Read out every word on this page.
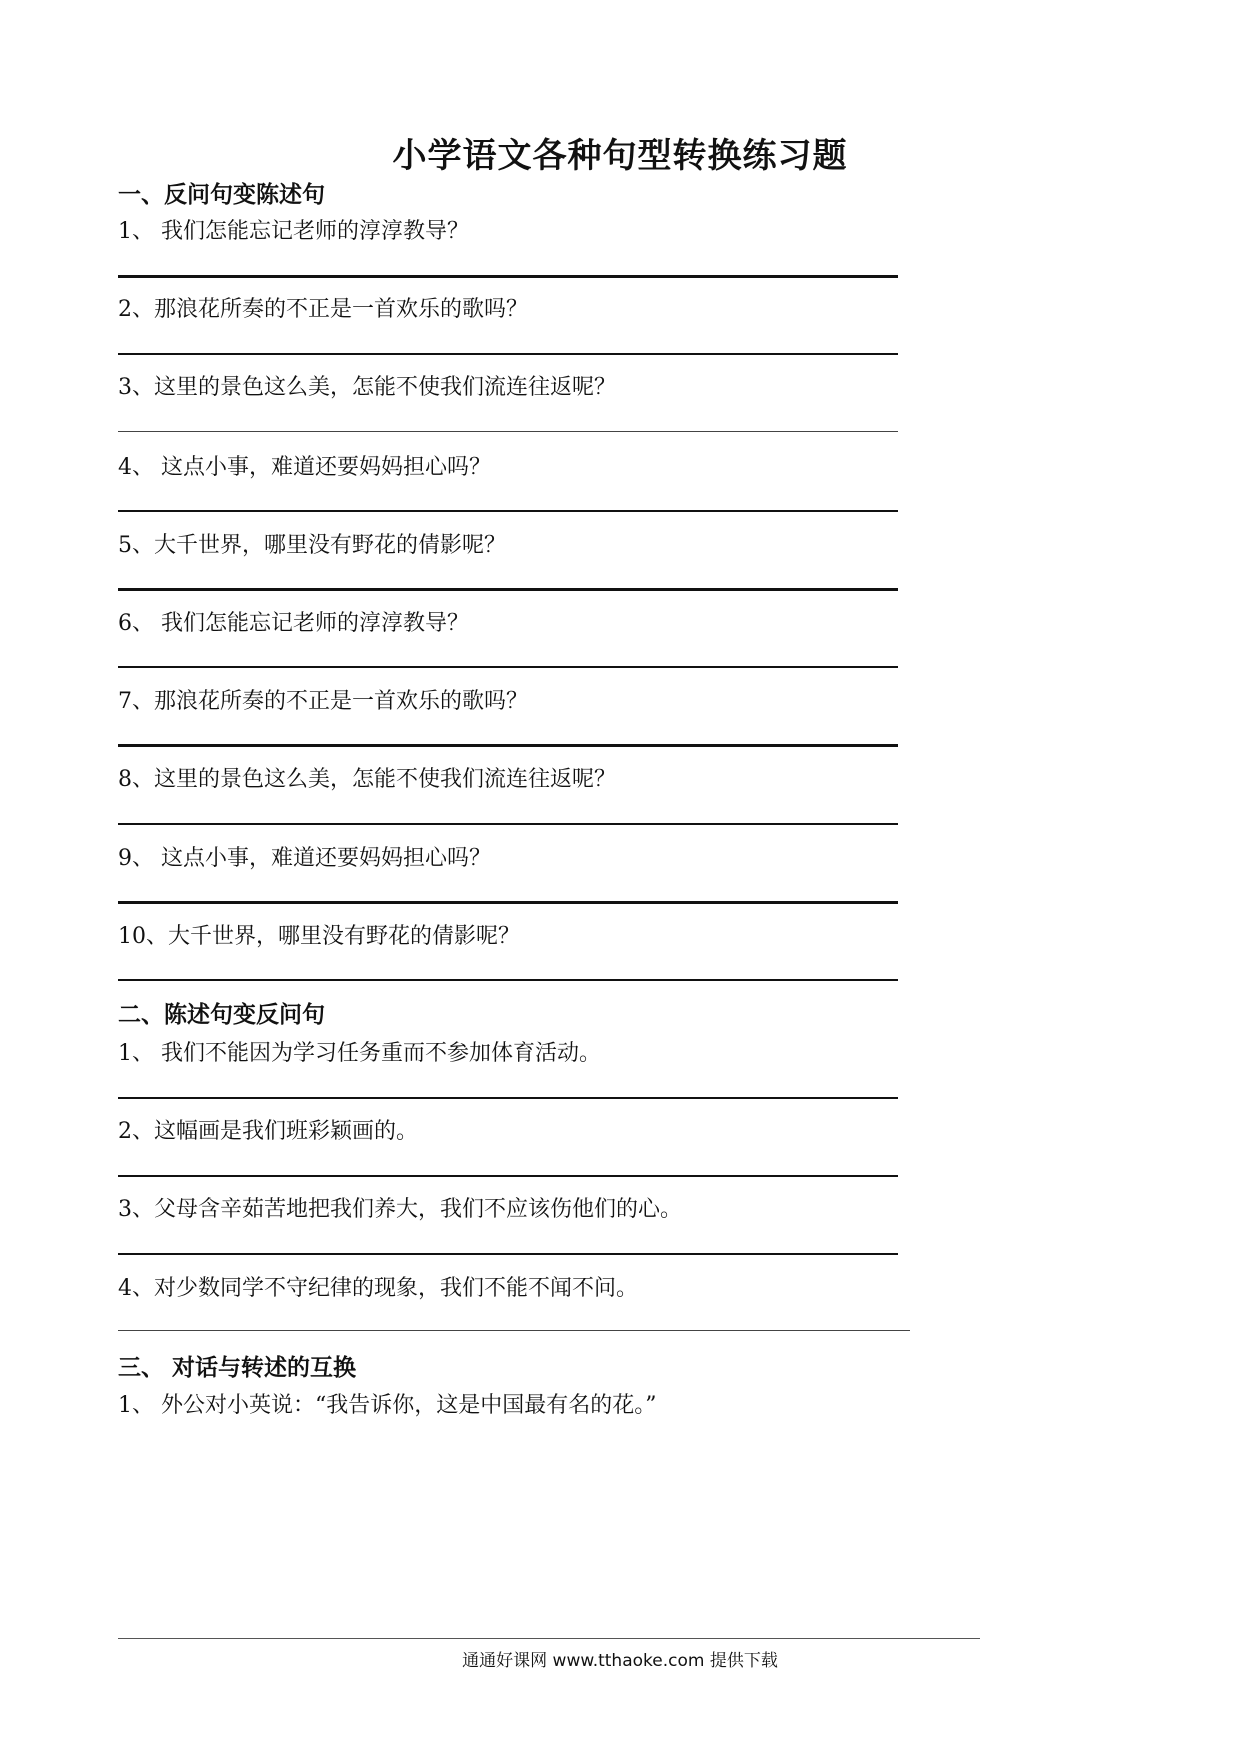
小学语文各种句型转换练习题
一、反问句变陈述句
1、 我们怎能忘记老师的淳淳教导？
2、那浪花所奏的不正是一首欢乐的歌吗？
3、这里的景色这么美，怎能不使我们流连往返呢？
4、 这点小事，难道还要妈妈担心吗？
5、大千世界，哪里没有野花的倩影呢？
6、 我们怎能忘记老师的淳淳教导？
7、那浪花所奏的不正是一首欢乐的歌吗？
8、这里的景色这么美，怎能不使我们流连往返呢？
9、 这点小事，难道还要妈妈担心吗？
10、大千世界，哪里没有野花的倩影呢？
二、陈述句变反问句
1、 我们不能因为学习任务重而不参加体育活动。
2、这幅画是我们班彩颖画的。
3、父母含辛茹苦地把我们养大，我们不应该伤他们的心。
4、对少数同学不守纪律的现象，我们不能不闻不问。
三、 对话与转述的互换
1、 外公对小英说：“我告诉你，这是中国最有名的花。”
通通好课网 www.tthaoke.com 提供下载
